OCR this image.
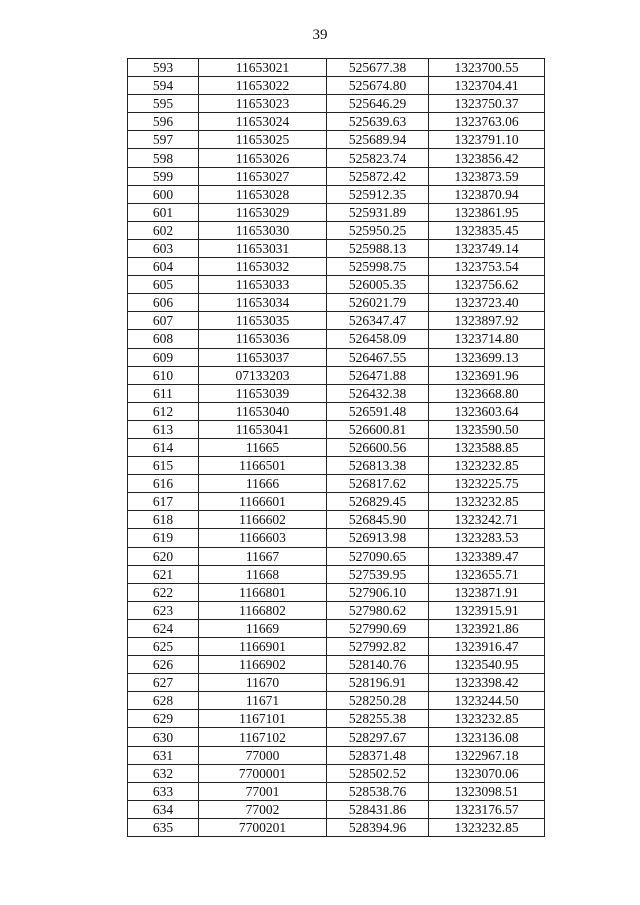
39
593	11653021	525677.38	1323700.55
594	11653022	525674.80	1323704.41
595	11653023	525646.29	1323750.37
596	11653024	525639.63	1323763.06
597	11653025	525689.94	1323791.10
598	11653026	525823.74	1323856.42
599	11653027	525872.42	1323873.59
600	11653028	525912.35	1323870.94
601	11653029	525931.89	1323861.95
602	11653030	525950.25	1323835.45
603	11653031	525988.13	1323749.14
604	11653032	525998.75	1323753.54
605	11653033	526005.35	1323756.62
606	11653034	526021.79	1323723.40
607	11653035	526347.47	1323897.92
608	11653036	526458.09	1323714.80
609	11653037	526467.55	1323699.13
610	07133203	526471.88	1323691.96
611	11653039	526432.38	1323668.80
612	11653040	526591.48	1323603.64
613	11653041	526600.81	1323590.50
614	11665	526600.56	1323588.85
615	1166501	526813.38	1323232.85
616	11666	526817.62	1323225.75
617	1166601	526829.45	1323232.85
618	1166602	526845.90	1323242.71
619	1166603	526913.98	1323283.53
620	11667	527090.65	1323389.47
621	11668	527539.95	1323655.71
622	1166801	527906.10	1323871.91
623	1166802	527980.62	1323915.91
624	11669	527990.69	1323921.86
625	1166901	527992.82	1323916.47
626	1166902	528140.76	1323540.95
627	11670	528196.91	1323398.42
628	11671	528250.28	1323244.50
629	1167101	528255.38	1323232.85
630	1167102	528297.67	1323136.08
631	77000	528371.48	1322967.18
632	7700001	528502.52	1323070.06
633	77001	528538.76	1323098.51
634	77002	528431.86	1323176.57
635	7700201	528394.96	1323232.85
